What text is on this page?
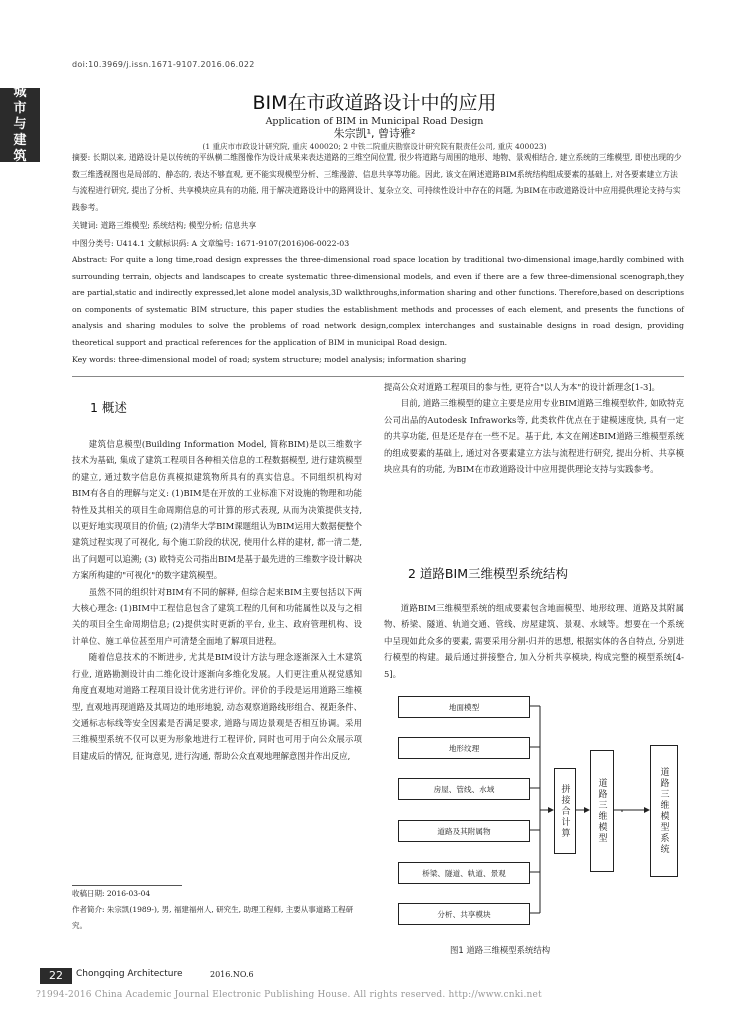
doi:10.3969/j.issn.1671-9107.2016.06.022
城
市
与
建
筑
BIM在市政道路设计中的应用
Application of BIM in Municipal Road Design
朱宗凯¹, 曾诗雅²
(1 重庆市市政设计研究院, 重庆 400020; 2 中铁二院重庆勘察设计研究院有限责任公司, 重庆 400023)
摘要: 长期以来, 道路设计是以传统的平纵横二维图像作为设计成果来表达道路的三维空间位置, 很少将道路与周围的地形、地物、景观相结合, 建立系统的三维模型, 即使出现的少数三维透视图也是局部的、静态的, 表达不够直观, 更不能实现模型分析、三维漫游、信息共享等功能。因此, 该文在阐述道路BIM系统结构组成要素的基础上, 对各要素建立方法与流程进行研究, 提出了分析、共享模块应具有的功能, 用于解决道路设计中的路网设计、复杂立交、可持续性设计中存在的问题, 为BIM在市政道路设计中应用提供理论支持与实践参考。
关键词: 道路三维模型; 系统结构; 模型分析; 信息共享
中图分类号: U414.1 文献标识码: A 文章编号: 1671-9107(2016)06-0022-03
Abstract: For quite a long time,road design expresses the three-dimensional road space location by traditional two-dimensional image,hardly combined with surrounding terrain, objects and landscapes to create systematic three-dimensional models, and even if there are a few three-dimensional scenograph,they are partial,static and indirectly expressed,let alone model analysis,3D walkthroughs,information sharing and other functions. Therefore,based on descriptions on components of systematic BIM structure, this paper studies the establishment methods and processes of each element, and presents the functions of analysis and sharing modules to solve the problems of road network design,complex interchanges and sustainable designs in road design, providing theoretical support and practical references for the application of BIM in municipal Road design.
Key words: three-dimensional model of road; system structure; model analysis; information sharing
1 概述

建筑信息模型(Building Information Model, 简称BIM)是以三维数字技术为基础, 集成了建筑工程项目各种相关信息的工程数据模型, 进行建筑模型的建立, 通过数字信息仿真模拟建筑物所具有的真实信息。不同组织机构对BIM有各自的理解与定义: (1)BIM是在开放的工业标准下对设施的物理和功能特性及其相关的项目生命周期信息的可计算的形式表现, 从而为决策提供支持, 以更好地实现项目的价值; (2)清华大学BIM课题组认为BIM运用大数据便整个建筑过程实现了可视化, 每个施工阶段的状况, 使用什么样的建材, 都一清二楚, 出了问题可以追溯; (3) 欧特克公司指出BIM是基于最先进的三维数字设计解决方案所构建的"可视化"的数字建筑模型。

虽然不同的组织针对BIM有不同的解释, 但综合起来BIM主要包括以下两大核心理念: (1)BIM中工程信息包含了建筑工程的几何和功能属性以及与之相关的项目全生命周期信息; (2)提供实时更新的平台, 业主、政府管理机构、设计单位、施工单位甚至用户可清楚全面地了解项目进程。

随着信息技术的不断进步, 尤其是BIM设计方法与理念逐渐深入土木建筑行业, 道路勘测设计由二维化设计逐渐向多维化发展。人们更注重从视觉感知角度直观地对道路工程项目设计优劣进行评价。评价的手段是运用道路三维模型, 直观地再现道路及其周边的地形地貌, 动态观察道路线形组合、视距条件、交通标志标线等安全因素是否满足要求, 道路与周边景观是否相互协调。采用三维模型系统不仅可以更为形象地进行工程评价, 同时也可用于向公众展示项目建成后的情况, 征询意见, 进行沟通, 帮助公众直观地理解意图并作出反应,

收稿日期: 2016-03-04
作者简介: 朱宗凯(1989-), 男, 福建福州人, 研究生, 助理工程师, 主要从事道路工程研究。

提高公众对道路工程项目的参与性, 更符合"以人为本"的设计新理念[1-3]。

目前, 道路三维模型的建立主要是应用专业BIM道路三维模型软件, 如欧特克公司出品的Autodesk Infraworks等, 此类软件优点在于建模速度快, 具有一定的共享功能, 但是还是存在一些不足。基于此, 本文在阐述BIM道路三维模型系统的组成要素的基础上, 通过对各要素建立方法与流程进行研究, 提出分析、共享模块应具有的功能, 为BIM在市政道路设计中应用提供理论支持与实践参考。

2 道路BIM三维模型系统结构

道路BIM三维模型系统的组成要素包含地面模型、地形纹理、道路及其附属物、桥梁、隧道、轨道交通、管线、房屋建筑、景观、水域等。想要在一个系统中呈现如此众多的要素, 需要采用分割-归并的思想, 根据实体的各自特点, 分别进行模型的构建。最后通过拼接整合, 加入分析共享模块, 构成完整的模型系统[4-5]。

地面模型
地形纹理
房屋、管线、水域
道路及其附属物
桥梁、隧道、轨道、景观
分析、共享模块
拼接合计算	道路三维模型	道路三维模型系统
图1 道路三维模型系统结构
22	Chongqing Architecture	2016.NO.6
?1994-2016 China Academic Journal Electronic Publishing House. All rights reserved. http://www.cnki.net
